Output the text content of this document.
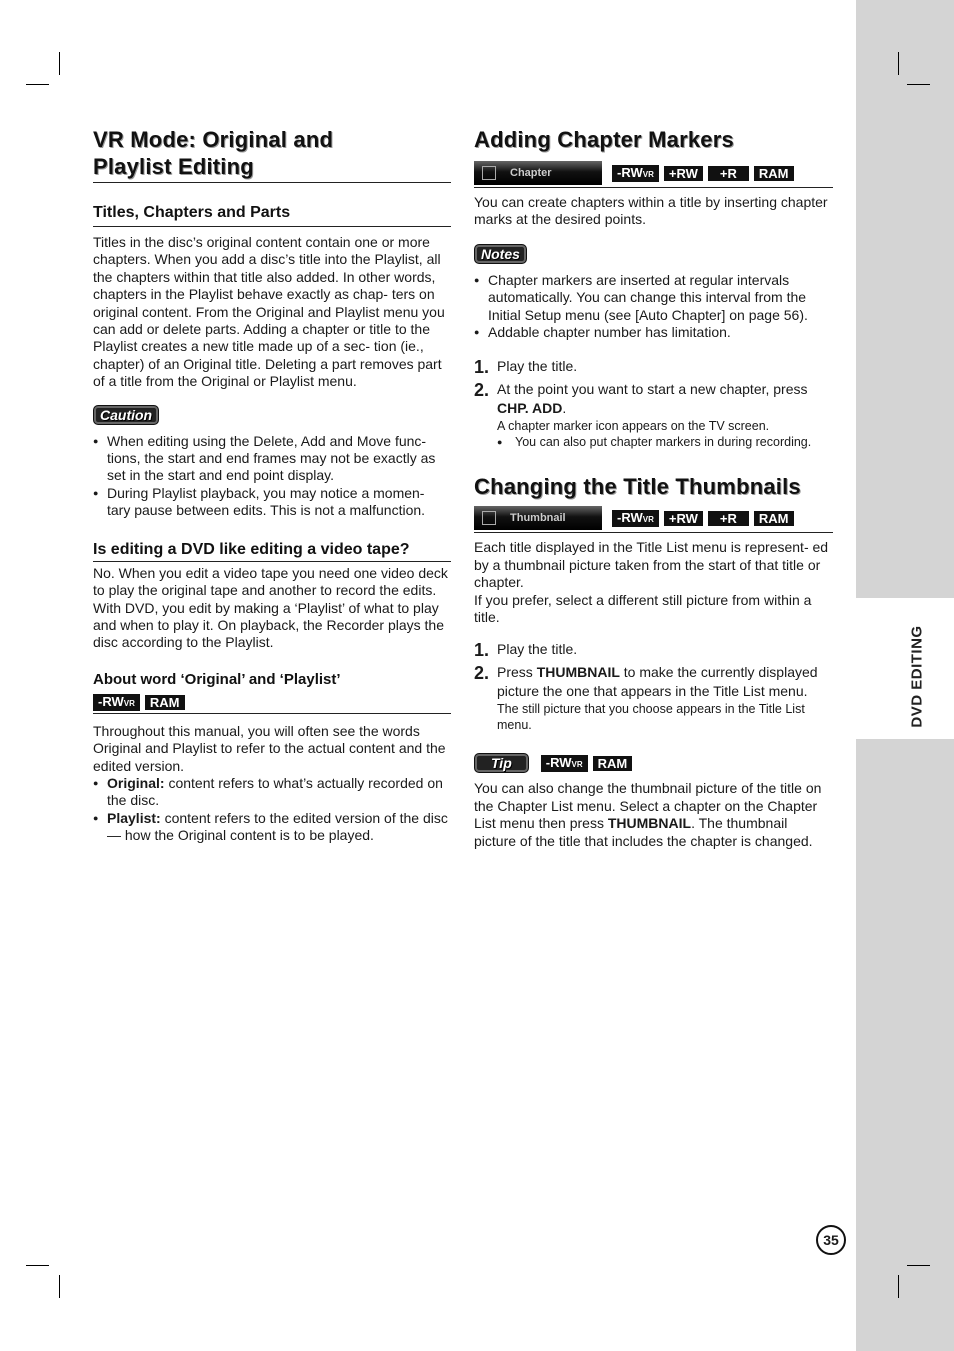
DVD EDITING
VR Mode: Original and
Playlist Editing
Titles, Chapters and Parts

Titles in the disc’s original content contain one or more chapters. When you add a disc’s title into the Playlist, all the chapters within that title also added. In other words, chapters in the Playlist behave exactly as chap- ters on original content. From the Original and Playlist menu you can add or delete parts. Adding a chapter or title to the Playlist creates a new title made up of a sec- tion (ie., chapter) of an Original title. Deleting a part removes part of a title from the Original or Playlist menu.

Caution
● When editing using the Delete, Add and Move func- tions, the start and end frames may not be exactly as set in the start and end point display.
● During Playlist playback, you may notice a momen- tary pause between edits. This is not a malfunction.
Is editing a DVD like editing a video tape?

No. When you edit a video tape you need one video deck to play the original tape and another to record the edits. With DVD, you edit by making a ‘Playlist’ of what to play and when to play it. On playback, the Recorder plays the disc according to the Playlist.

About word ‘Original’ and ‘Playlist’
-RWVR	RAM

Throughout this manual, you will often see the words Original and Playlist to refer to the actual content and the edited version.

● Original: content refers to what’s actually recorded on the disc.
● Playlist: content refers to the edited version of the disc — how the Original content is to be played.
Adding Chapter Markers
Chapter	-RWVR	+RW	+R	RAM

You can create chapters within a title by inserting chapter marks at the desired points.

Notes
● Chapter markers are inserted at regular intervals automatically. You can change this interval from the Initial Setup menu (see [Auto Chapter] on page 56).
● Addable chapter number has limitation.
1. Play the title.
2. At the point you want to start a new chapter, press
CHP. ADD.
A chapter marker icon appears on the TV screen.
● You can also put chapter markers in during recording.
Changing the Title Thumbnails
Thumbnail	-RWVR	+RW	+R	RAM

Each title displayed in the Title List menu is represent- ed by a thumbnail picture taken from the start of that title or chapter.

If you prefer, select a different still picture from within a title.

1. Play the title.
2. Press THUMBNAIL to make the currently displayed picture the one that appears in the Title List menu.
The still picture that you choose appears in the Title List menu.
Tip	-RWVR	RAM

You can also change the thumbnail picture of the title on the Chapter List menu. Select a chapter on the Chapter List menu then press THUMBNAIL. The thumbnail picture of the title that includes the chapter is changed.

35
